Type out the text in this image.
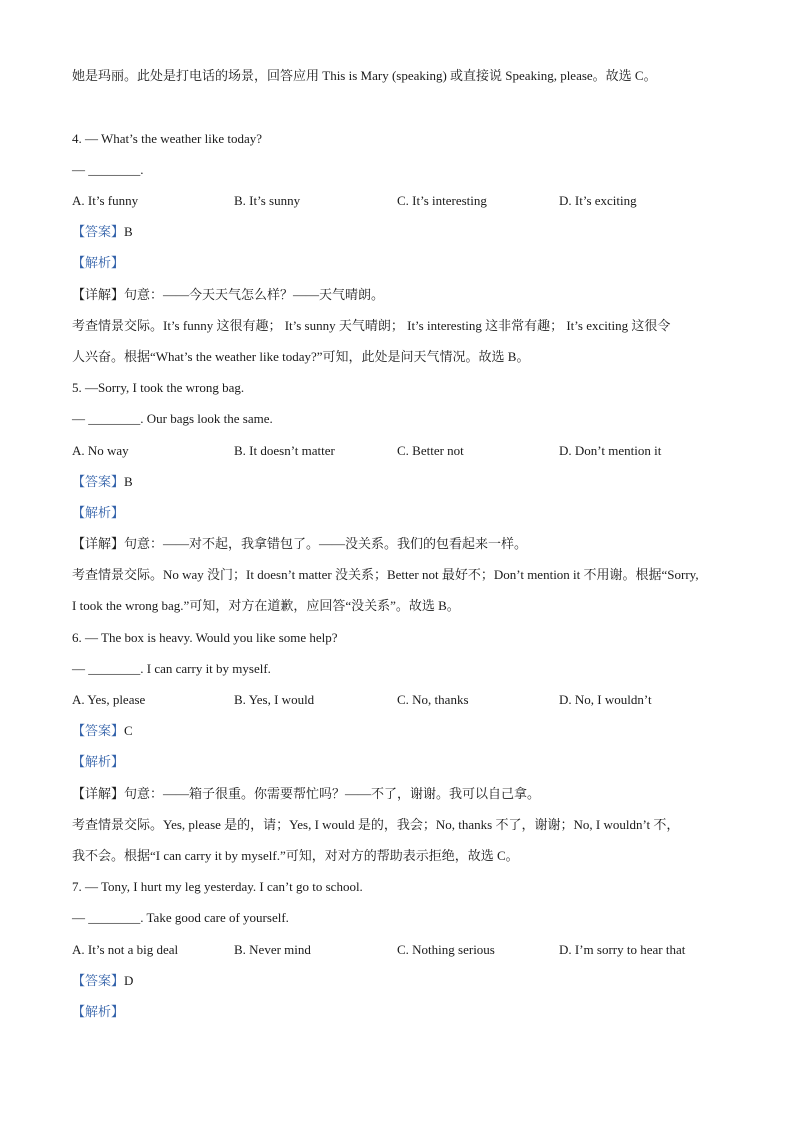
她是玛丽。此处是打电话的场景，回答应用 This is Mary (speaking) 或直接说 Speaking, please。故选 C。
4. — What’s the weather like today?
— ________.
A. It’s funny	B. It’s sunny	C. It’s interesting	D. It’s exciting
【答案】B
【解析】
【详解】句意：——今天天气怎么样？——天气晴朗。
考查情景交际。It’s funny 这很有趣； It’s sunny 天气晴朗； It’s interesting 这非常有趣； It’s exciting 这很令
人兴奋。根据“What’s the weather like today?”可知，此处是问天气情况。故选 B。
5. —Sorry, I took the wrong bag.
— ________. Our bags look the same.
A. No way	B. It doesn’t matter	C. Better not	D. Don’t mention it
【答案】B
【解析】
【详解】句意：——对不起，我拿错包了。——没关系。我们的包看起来一样。
考查情景交际。No way 没门；It doesn’t matter 没关系；Better not 最好不；Don’t mention it 不用谢。根据“Sorry,
I took the wrong bag.”可知，对方在道歉，应回答“没关系”。故选 B。
6. — The box is heavy. Would you like some help?
— ________. I can carry it by myself.
A. Yes, please	B. Yes, I would	C. No, thanks	D. No, I wouldn’t
【答案】C
【解析】
【详解】句意：——箱子很重。你需要帮忙吗？——不了，谢谢。我可以自己拿。
考查情景交际。Yes, please 是的，请；Yes, I would 是的，我会；No, thanks 不了，谢谢；No, I wouldn’t 不，
我不会。根据“I can carry it by myself.”可知，对对方的帮助表示拒绝，故选 C。
7. — Tony, I hurt my leg yesterday. I can’t go to school.
— ________. Take good care of yourself.
A. It’s not a big deal	B. Never mind	C. Nothing serious	D. I’m sorry to hear that
【答案】D
【解析】
